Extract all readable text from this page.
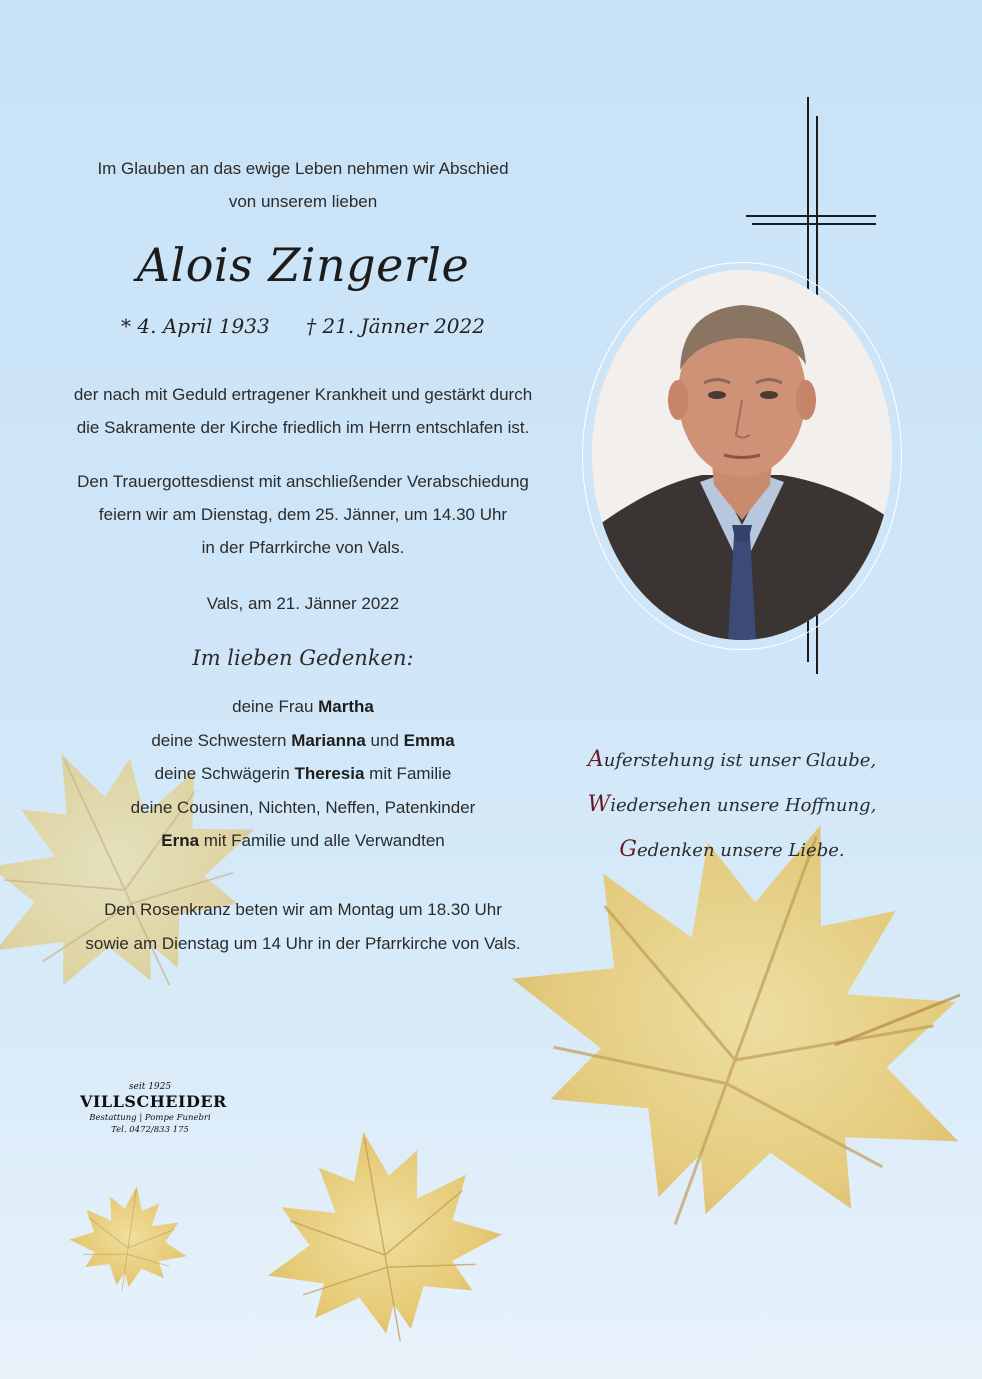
Im Glauben an das ewige Leben nehmen wir Abschied
von unserem lieben
Alois Zingerle
* 4. April 1933 † 21. Jänner 2022
der nach mit Geduld ertragener Krankheit und gestärkt durch
die Sakramente der Kirche friedlich im Herrn entschlafen ist.
Den Trauergottesdienst mit anschließender Verabschiedung
feiern wir am Dienstag, dem 25. Jänner, um 14.30 Uhr
in der Pfarrkirche von Vals.
Vals, am 21. Jänner 2022
Im lieben Gedenken:
deine Frau Martha
deine Schwestern Marianna und Emma
deine Schwägerin Theresia mit Familie
deine Cousinen, Nichten, Neffen, Patenkinder
Erna mit Familie und alle Verwandten
Den Rosenkranz beten wir am Montag um 18.30 Uhr
sowie am Dienstag um 14 Uhr in der Pfarrkirche von Vals.
Auferstehung ist unser Glaube,
Wiedersehen unsere Hoffnung,
Gedenken unsere Liebe.
seit 1925
VILLSCHEIDER
Bestattung | Pompe Funebri
Tel. 0472/833 175
